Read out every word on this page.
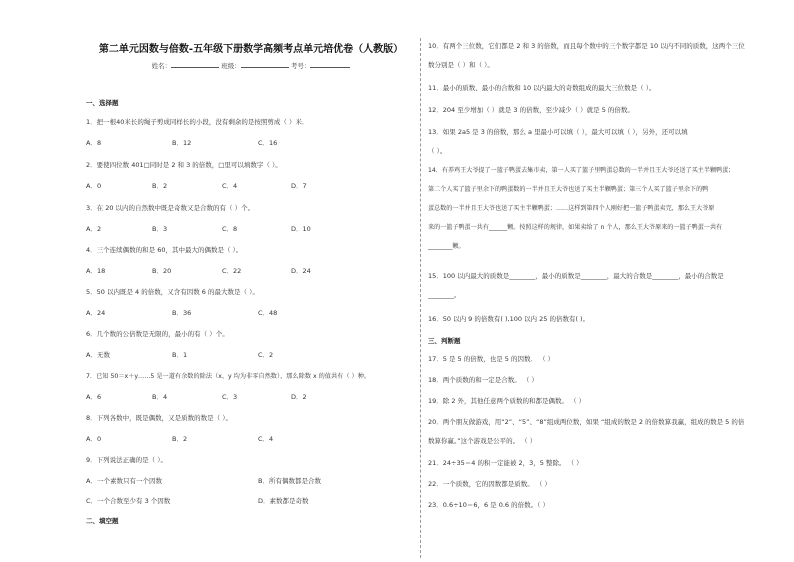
第二单元因数与倍数-五年级下册数学高频考点单元培优卷（人教版）
姓名：	班级：	考号：
一、选择题
1．把一根40米长的绳子剪成同样长的小段，没有剩余的是按照剪成（ ）米．
A．8	B．12	C．16
2．要使四位数 401□同时是 2 和 3 的倍数，□里可以填数字（ ）。
A．0	B．2	C．4	D．7
3．在 20 以内的自然数中既是奇数又是合数的有（ ）个。
A．2	B．3	C．8	D．10
4．三个连续偶数的和是 60，其中最大的偶数是（ ）。
A．18	B．20	C．22	D．24
5．50 以内既是 4 的倍数，又含有因数 6 的最大数是（ ）。
A．24	B．36	C．48
6．几个数的公倍数是无限的，最小的有（ ）个。
A．无数	B．1	C．2
7．已知 50＝x＋y……5 是一道有余数的除法（x、y 均为非零自然数），那么除数 x 的值共有（ ）种。
A．6	B．4	C．3	D．2
8．下列各数中，既是偶数，又是质数的数是（ ）。
A．0	B．2	C．4
9．下列说法正确的是（ ）。
A．一个素数只有一个因数	B．所有偶数都是合数
C．一个合数至少有 3 个因数	D．素数都是奇数
二、填空题
10．有两个三位数，它们都是 2 和 3 的倍数，而且每个数中的三个数字都是 10 以内不同的质数，这两个三位
数分别是（ ）和（ ）。
11．最小的质数、最小的合数和 10 以内最大的奇数组成的最大三位数是（ ）。
12．204 至少增加（ ）就是 3 的倍数，至少减少（ ）就是 5 的倍数。
13．如果 2a5 是 3 的倍数，那么 a 里最小可以填（ ），最大可以填（ ），另外，还可以填
（ ）。
14．有养鸡王大爷提了一篮子鸭蛋去集市卖，第一人买了篮子里鸭蛋总数的一半并且王大爷还送了买主半颗鸭蛋；
第二个人买了篮子里余下的鸭蛋数的一半并且王大爷也送了买主半颗鸭蛋；第三个人买了篮子里余下的鸭
蛋总数的一半并且王大爷也送了买主半颗鸭蛋；……这样到第四个人刚好把一篮子鸭蛋卖完，那么王大爷原
来的一篮子鸭蛋一共有______颗。按照这样的规律，如果卖给了 n 个人，那么王大爷原来的一篮子鸭蛋一共有
________颗。
15．100 以内最大的质数是________，最小的质数是________，最大的合数是________，最小的合数是
________。
16．50 以内 9 的倍数有( ),100 以内 25 的倍数有( )。
三、判断题
17．5 是 5 的倍数，也是 5 的因数． （ ）
18．两个质数的和一定是合数。 （ ）
19．除 2 外，其他任意两个质数的和都是偶数。 （ ）
20．两个朋友做游戏，用“2”、“5”、“8”组成两位数，如果 “组成的数是 2 的倍数算我赢，组成的数是 5 的倍
数算你赢。”这个游戏是公平的。 （ ）
21．24÷35＝4 的积一定能被 2，3，5 整除。 （ ）
22．一个质数，它的因数都是质数。 （ ）
23．0.6÷10＝6，6 是 0.6 的倍数。（ ）
